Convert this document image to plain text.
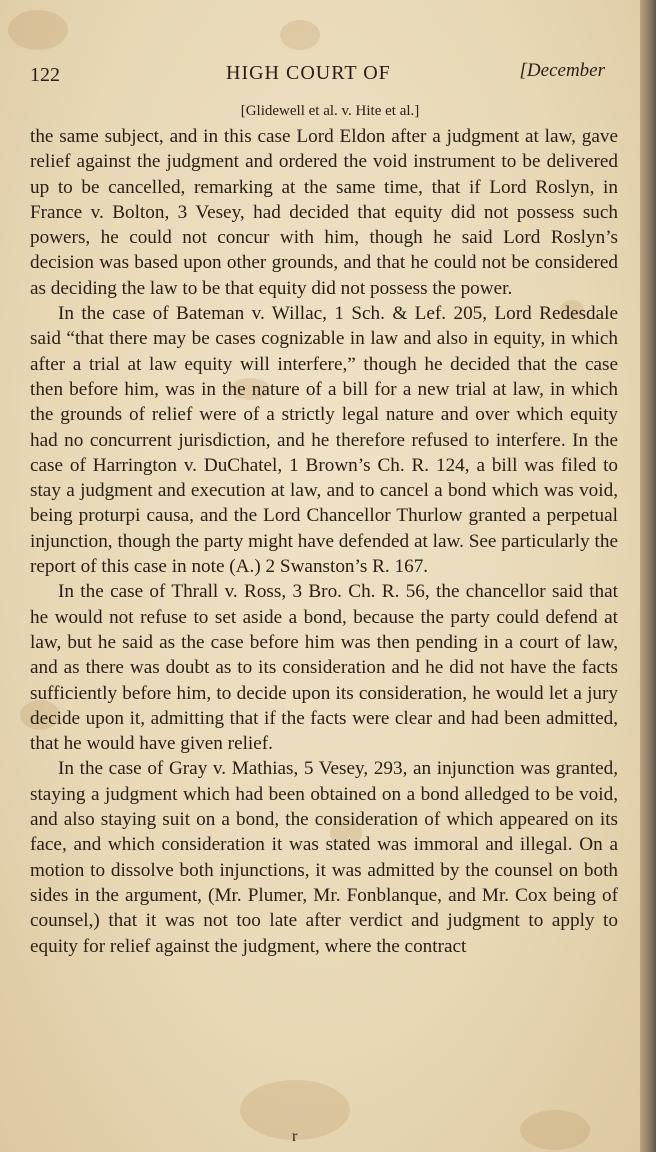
122	HIGH COURT OF	[December
[Glidewell et al. v. Hite et al.]

the same subject, and in this case Lord Eldon after a judgment at law, gave relief against the judgment and ordered the void instrument to be delivered up to be cancelled, remarking at the same time, that if Lord Roslyn, in France v. Bolton, 3 Vesey, had decided that equity did not possess such powers, he could not concur with him, though he said Lord Roslyn’s decision was based upon other grounds, and that he could not be considered as deciding the law to be that equity did not possess the power.

In the case of Bateman v. Willac, 1 Sch. & Lef. 205, Lord Redesdale said “that there may be cases cognizable in law and also in equity, in which after a trial at law equity will interfere,” though he decided that the case then before him, was in the nature of a bill for a new trial at law, in which the grounds of relief were of a strictly legal nature and over which equity had no concurrent jurisdiction, and he therefore refused to interfere. In the case of Harrington v. DuChatel, 1 Brown’s Ch. R. 124, a bill was filed to stay a judgment and execution at law, and to cancel a bond which was void, being proturpi causa, and the Lord Chancellor Thurlow granted a perpetual injunction, though the party might have defended at law. See particularly the report of this case in note (A.) 2 Swanston’s R. 167.

In the case of Thrall v. Ross, 3 Bro. Ch. R. 56, the chancellor said that he would not refuse to set aside a bond, because the party could defend at law, but he said as the case before him was then pending in a court of law, and as there was doubt as to its consideration and he did not have the facts sufficiently before him, to decide upon its consideration, he would let a jury decide upon it, admitting that if the facts were clear and had been admitted, that he would have given relief.

In the case of Gray v. Mathias, 5 Vesey, 293, an injunction was granted, staying a judgment which had been obtained on a bond alledged to be void, and also staying suit on a bond, the consideration of which appeared on its face, and which consideration it was stated was immoral and illegal. On a motion to dissolve both injunctions, it was admitted by the counsel on both sides in the argument, (Mr. Plumer, Mr. Fonblanque, and Mr. Cox being of counsel,) that it was not too late after verdict and judgment to apply to equity for relief against the judgment, where the contract

r
